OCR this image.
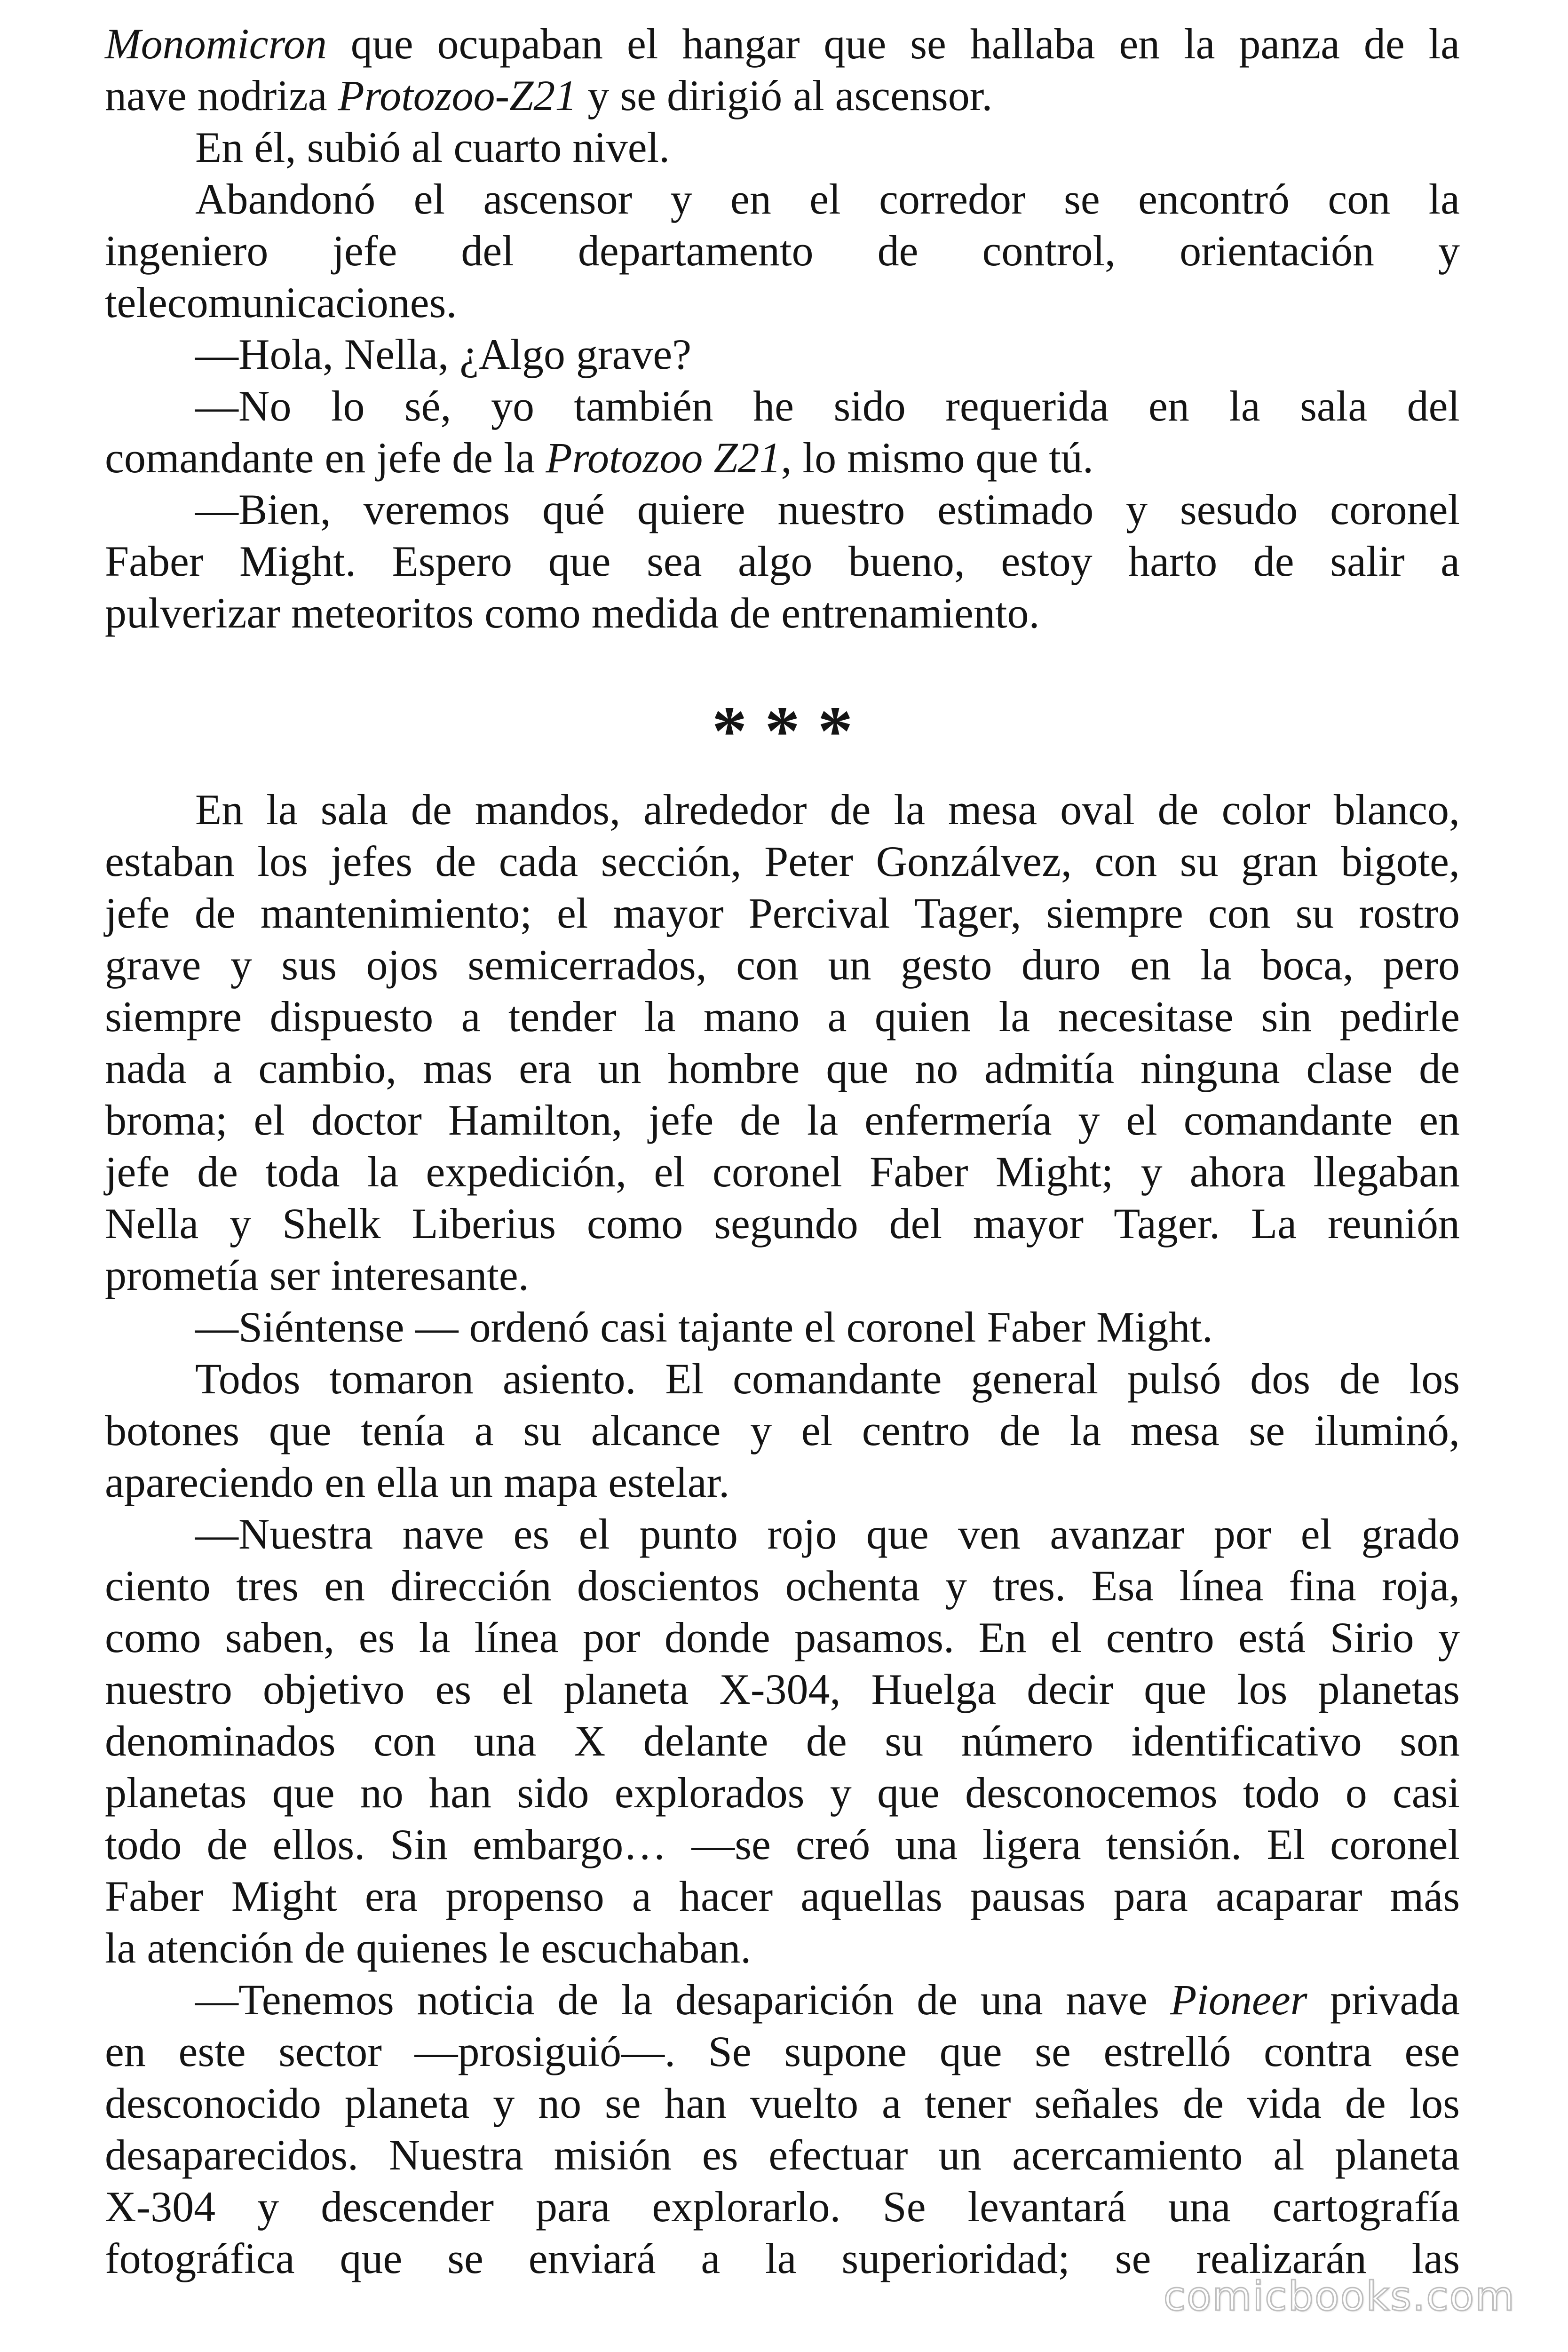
Monomicron que ocupaban el hangar que se hallaba en la panza de la
nave nodriza Protozoo-Z21 y se dirigió al ascensor.
En él, subió al cuarto nivel.
Abandonó el ascensor y en el corredor se encontró con la
ingeniero jefe del departamento de control, orientación y
telecomunicaciones.
—Hola, Nella, ¿Algo grave?
—No lo sé, yo también he sido requerida en la sala del
comandante en jefe de la Protozoo Z21, lo mismo que tú.
—Bien, veremos qué quiere nuestro estimado y sesudo coronel
Faber Might. Espero que sea algo bueno, estoy harto de salir a
pulverizar meteoritos como medida de entrenamiento.
* * *
En la sala de mandos, alrededor de la mesa oval de color blanco,
estaban los jefes de cada sección, Peter Gonzálvez, con su gran bigote,
jefe de mantenimiento; el mayor Percival Tager, siempre con su rostro
grave y sus ojos semicerrados, con un gesto duro en la boca, pero
siempre dispuesto a tender la mano a quien la necesitase sin pedirle
nada a cambio, mas era un hombre que no admitía ninguna clase de
broma; el doctor Hamilton, jefe de la enfermería y el comandante en
jefe de toda la expedición, el coronel Faber Might; y ahora llegaban
Nella y Shelk Liberius como segundo del mayor Tager. La reunión
prometía ser interesante.
—Siéntense — ordenó casi tajante el coronel Faber Might.
Todos tomaron asiento. El comandante general pulsó dos de los
botones que tenía a su alcance y el centro de la mesa se iluminó,
apareciendo en ella un mapa estelar.
—Nuestra nave es el punto rojo que ven avanzar por el grado
ciento tres en dirección doscientos ochenta y tres. Esa línea fina roja,
como saben, es la línea por donde pasamos. En el centro está Sirio y
nuestro objetivo es el planeta X-304, Huelga decir que los planetas
denominados con una X delante de su número identificativo son
planetas que no han sido explorados y que desconocemos todo o casi
todo de ellos. Sin embargo… —se creó una ligera tensión. El coronel
Faber Might era propenso a hacer aquellas pausas para acaparar más
la atención de quienes le escuchaban.
—Tenemos noticia de la desaparición de una nave Pioneer privada
en este sector —prosiguió—. Se supone que se estrelló contra ese
desconocido planeta y no se han vuelto a tener señales de vida de los
desaparecidos. Nuestra misión es efectuar un acercamiento al planeta
X-304 y descender para explorarlo. Se levantará una cartografía
fotográfica que se enviará a la superioridad; se realizarán las
comicbooks.com
